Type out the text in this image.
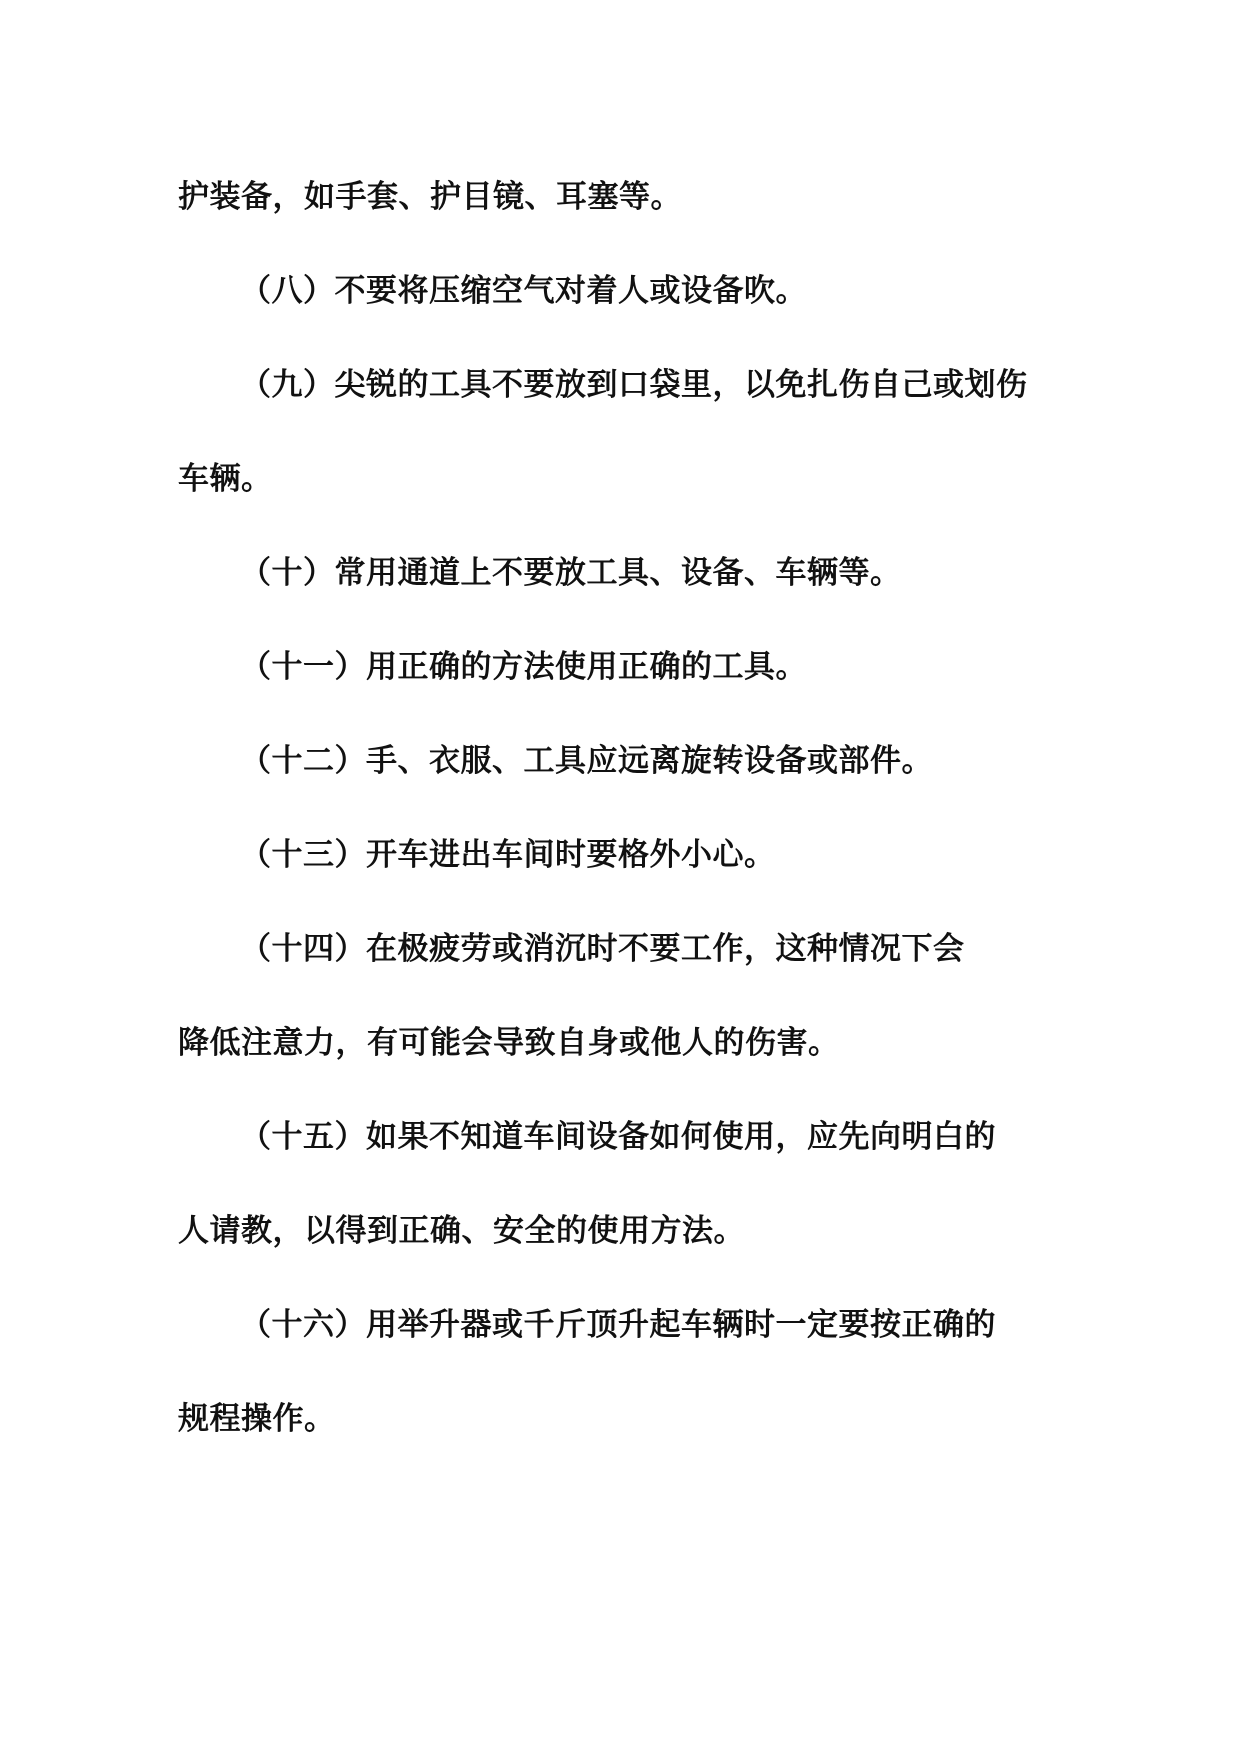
护装备，如手套、护目镜、耳塞等。

（八）不要将压缩空气对着人或设备吹。

（九）尖锐的工具不要放到口袋里，以免扎伤自己或划伤
车辆。

（十）常用通道上不要放工具、设备、车辆等。

（十一）用正确的方法使用正确的工具。

（十二）手、衣服、工具应远离旋转设备或部件。

（十三）开车进出车间时要格外小心。

（十四）在极疲劳或消沉时不要工作，这种情况下会
降低注意力，有可能会导致自身或他人的伤害。

（十五）如果不知道车间设备如何使用，应先向明白的
人请教，以得到正确、安全的使用方法。

（十六）用举升器或千斤顶升起车辆时一定要按正确的
规程操作。
